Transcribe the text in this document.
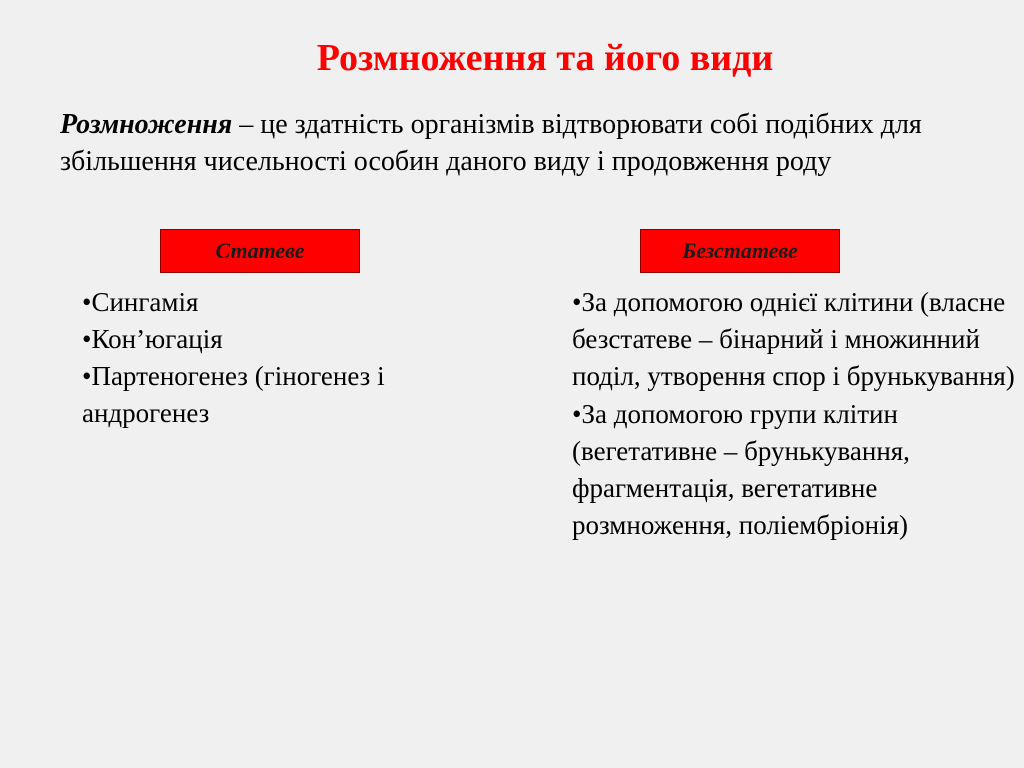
Розмноження та його види
Розмноження – це здатність організмів відтворювати собі подібних для збільшення чисельності особин даного виду і продовження роду
Статеве	Безстатеве
•Сингамія
•Кон’югація
•Партеногенез (гіногенез і андрогенез
•За допомогою однієї клітини (власне безстатеве – бінарний і множинний поділ, утворення спор і брунькування)
•За допомогою групи клітин (вегетативне – брунькування, фрагментація, вегетативне розмноження, поліембріонія)
